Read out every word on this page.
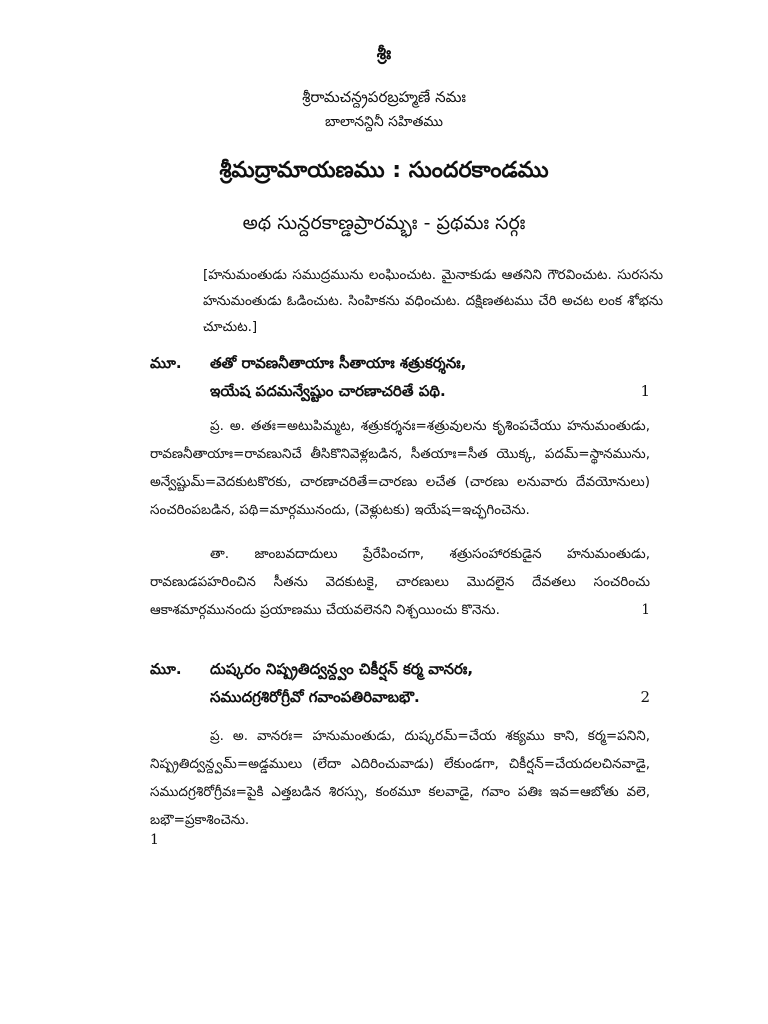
శ్రీః
శ్రీరామచన్ద్రపరబ్రహ్మణే నమః
బాలానన్దినీ సహితము
శ్రీమద్రామాయణము : సుందరకాండము
అథ సున్దరకాణ్డప్రారమ్భః - ప్రథమః సర్గః
[హనుమంతుడు సముద్రమును లంఘించుట. మైనాకుడు ఆతనిని గౌరవించుట. సురసను హనుమంతుడు ఓడించుట. సింహికను వధించుట. దక్షిణతటము చేరి అచట లంక శోభను చూచుట.]
మూ. తతో రావణనీతాయాః సీతాయాః శత్రుకర్శనః,
ఇయేష పదమన్వేష్టుం చారణాచరితే పథి.	1
ప్ర. అ. తతః=అటుపిమ్మట, శత్రుకర్శనః=శత్రువులను కృశింపచేయు హనుమంతుడు, రావణనీతాయాః=రావణునిచే తీసికొనివెళ్లబడిన, సీతయాః=సీత యొక్క, పదమ్=స్థానమును, అన్వేష్టుమ్=వెదకుటకొరకు, చారణాచరితే=చారణు లచేత (చారణు లనువారు దేవయోనులు) సంచరింపబడిన, పథి=మార్గమునందు, (వెళ్లుటకు) ఇయేష=ఇచ్ఛగించెను.
తా. జాంబవదాదులు ప్రేరేపించగా, శత్రుసంహారకుడైన హనుమంతుడు, రావణుడపహరించిన సీతను వెదకుటకై, చారణులు మొదలైన దేవతలు సంచరించు ఆకాశమార్గమునందు ప్రయాణము చేయవలెనని నిశ్చయించు కొనెను.	1
మూ. దుష్కరం నిష్ప్రతిద్వన్ద్వం చికీర్షన్ కర్మ వానరః,
సముదగ్రశిరోగ్రీవో గవాంపతిరివాబభౌ.	2
ప్ర. అ. వానరః= హనుమంతుడు, దుష్కరమ్=చేయ శక్యము కాని, కర్మ=పనిని, నిష్ప్రతిద్వన్ద్వమ్=అడ్డములు (లేదా ఎదిరించువాడు) లేకుండగా, చికీర్షన్=చేయదలచినవాడై, సముదగ్రశిరోగ్రీవః=పైకి ఎత్తబడిన శిరస్సు, కంఠమూ కలవాడై, గవాం పతిః ఇవ=ఆబోతు వలె, బభౌ=ప్రకాశించెను.
1
